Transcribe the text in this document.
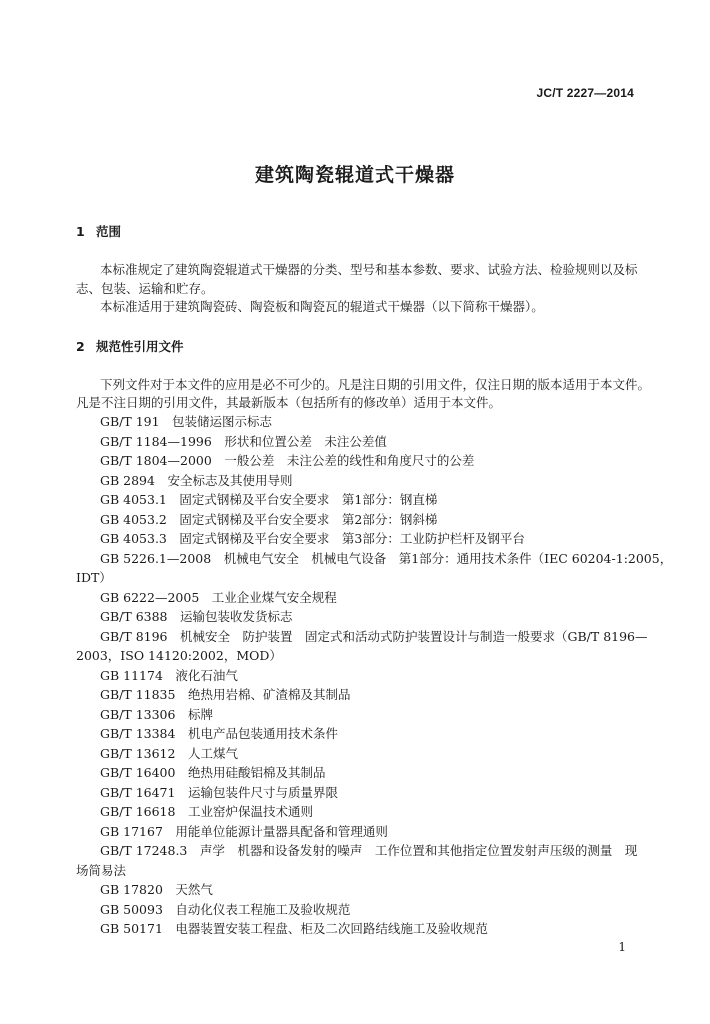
JC/T 2227—2014
建筑陶瓷辊道式干燥器
1 范围
本标准规定了建筑陶瓷辊道式干燥器的分类、型号和基本参数、要求、试验方法、检验规则以及标
志、包装、运输和贮存。
本标准适用于建筑陶瓷砖、陶瓷板和陶瓷瓦的辊道式干燥器（以下简称干燥器）。
2 规范性引用文件
下列文件对于本文件的应用是必不可少的。凡是注日期的引用文件，仅注日期的版本适用于本文件。
凡是不注日期的引用文件，其最新版本（包括所有的修改单）适用于本文件。
GB/T 191　包装储运图示标志
GB/T 1184—1996　形状和位置公差　未注公差值
GB/T 1804—2000　一般公差　未注公差的线性和角度尺寸的公差
GB 2894　安全标志及其使用导则
GB 4053.1　固定式钢梯及平台安全要求　第1部分：钢直梯
GB 4053.2　固定式钢梯及平台安全要求　第2部分：钢斜梯
GB 4053.3　固定式钢梯及平台安全要求　第3部分：工业防护栏杆及钢平台
GB 5226.1—2008　机械电气安全　机械电气设备　第1部分：通用技术条件（IEC 60204-1:2005，
IDT）
GB 6222—2005　工业企业煤气安全规程
GB/T 6388　运输包装收发货标志
GB/T 8196　机械安全　防护装置　固定式和活动式防护装置设计与制造一般要求（GB/T 8196—
2003，ISO 14120:2002，MOD）
GB 11174　液化石油气
GB/T 11835　绝热用岩棉、矿渣棉及其制品
GB/T 13306　标牌
GB/T 13384　机电产品包装通用技术条件
GB/T 13612　人工煤气
GB/T 16400　绝热用硅酸铝棉及其制品
GB/T 16471　运输包装件尺寸与质量界限
GB/T 16618　工业窑炉保温技术通则
GB 17167　用能单位能源计量器具配备和管理通则
GB/T 17248.3　声学　机器和设备发射的噪声　工作位置和其他指定位置发射声压级的测量　现
场简易法
GB 17820　天然气
GB 50093　自动化仪表工程施工及验收规范
GB 50171　电器装置安装工程盘、柜及二次回路结线施工及验收规范
1
